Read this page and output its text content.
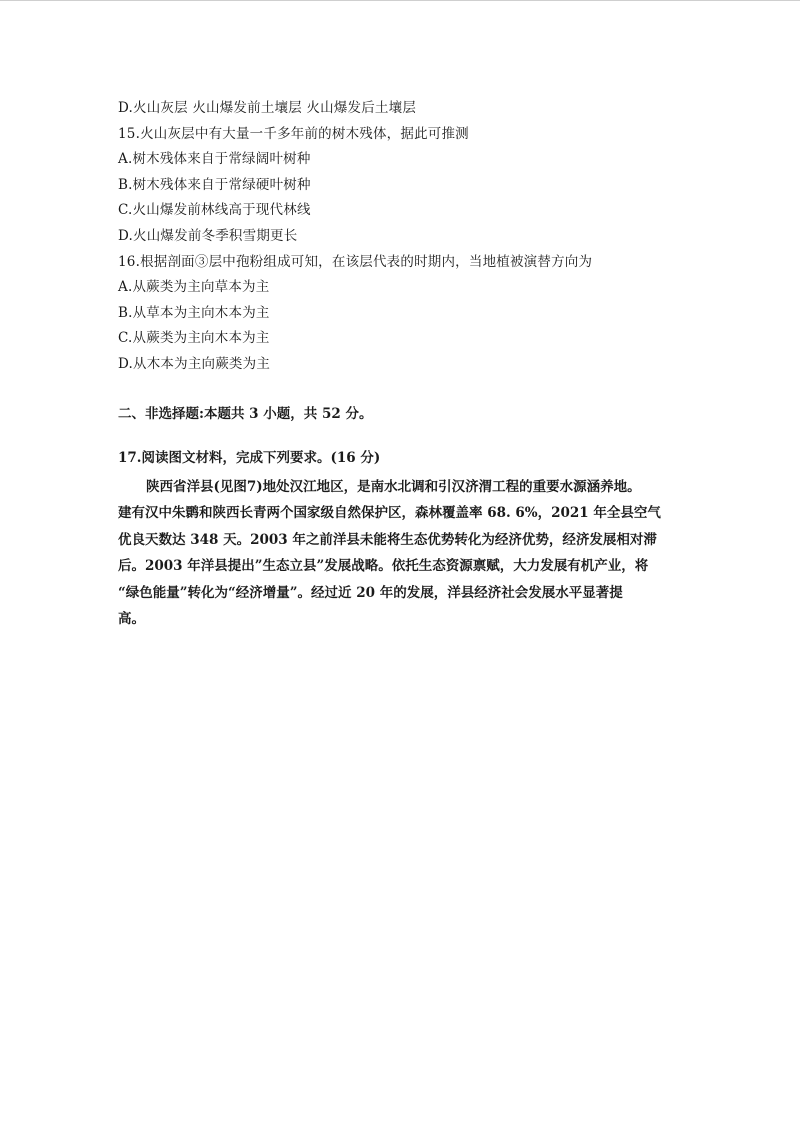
D.火山灰层 火山爆发前土壤层 火山爆发后土壤层
15.火山灰层中有大量一千多年前的树木残体，据此可推测
A.树木残体来自于常绿阔叶树种
B.树木残体来自于常绿硬叶树种
C.火山爆发前林线高于现代林线
D.火山爆发前冬季积雪期更长
16.根据剖面③层中孢粉组成可知，在该层代表的时期内，当地植被演替方向为
A.从蕨类为主向草本为主
B.从草本为主向木本为主
C.从蕨类为主向木本为主
D.从木本为主向蕨类为主
二、非选择题:本题共 3 小题，共 52 分。
17.阅读图文材料，完成下列要求。(16 分)
陕西省洋县(见图7)地处汉江地区，是南水北调和引汉济渭工程的重要水源涵养地。
建有汉中朱鹮和陕西长青两个国家级自然保护区，森林覆盖率 68. 6%，2021 年全县空气
优良天数达 348 天。2003 年之前洋县未能将生态优势转化为经济优势，经济发展相对滞
后。2003 年洋县提出”生态立县”发展战略。依托生态资源禀赋，大力发展有机产业，将
“绿色能量”转化为“经济增量”。经过近 20 年的发展，洋县经济社会发展水平显著提
高。
